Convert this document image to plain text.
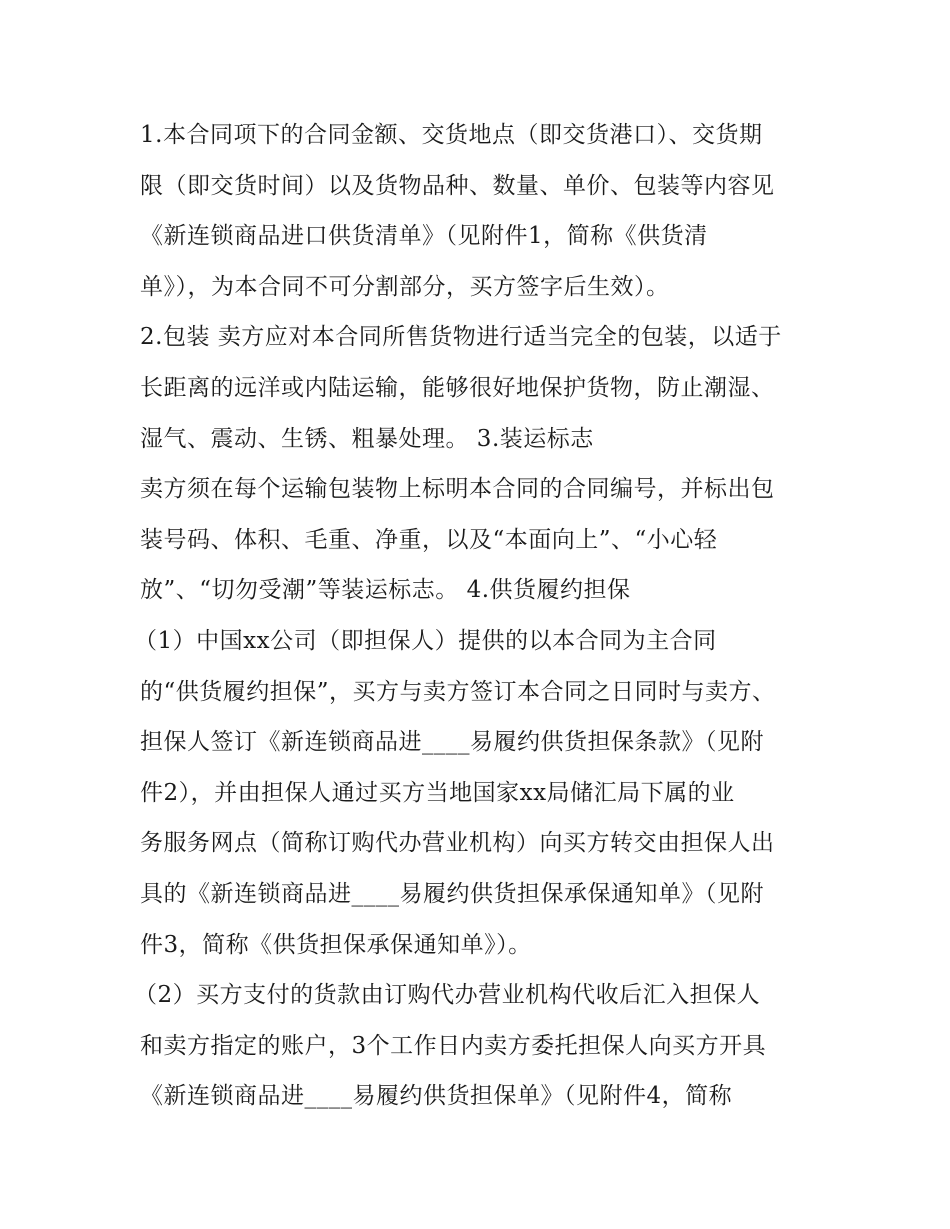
1.本合同项下的合同金额、交货地点（即交货港口）、交货期
限（即交货时间）以及货物品种、数量、单价、包装等内容见
《新连锁商品进口供货清单》（见附件1，简称《供货清
单》），为本合同不可分割部分，买方签字后生效）。
2.包装 卖方应对本合同所售货物进行适当完全的包装，以适于
长距离的远洋或内陆运输，能够很好地保护货物，防止潮湿、
湿气、震动、生锈、粗暴处理。 3.装运标志
卖方须在每个运输包装物上标明本合同的合同编号，并标出包
装号码、体积、毛重、净重，以及“本面向上”、“小心轻
放”、“切勿受潮”等装运标志。 4.供货履约担保
（1）中国xx公司（即担保人）提供的以本合同为主合同
的“供货履约担保”，买方与卖方签订本合同之日同时与卖方、
担保人签订《新连锁商品进____易履约供货担保条款》（见附
件2），并由担保人通过买方当地国家xx局储汇局下属的业
务服务网点（简称订购代办营业机构）向买方转交由担保人出
具的《新连锁商品进____易履约供货担保承保通知单》（见附
件3，简称《供货担保承保通知单》）。
（2）买方支付的货款由订购代办营业机构代收后汇入担保人
和卖方指定的账户，3个工作日内卖方委托担保人向买方开具
《新连锁商品进____易履约供货担保单》（见附件4，简称
